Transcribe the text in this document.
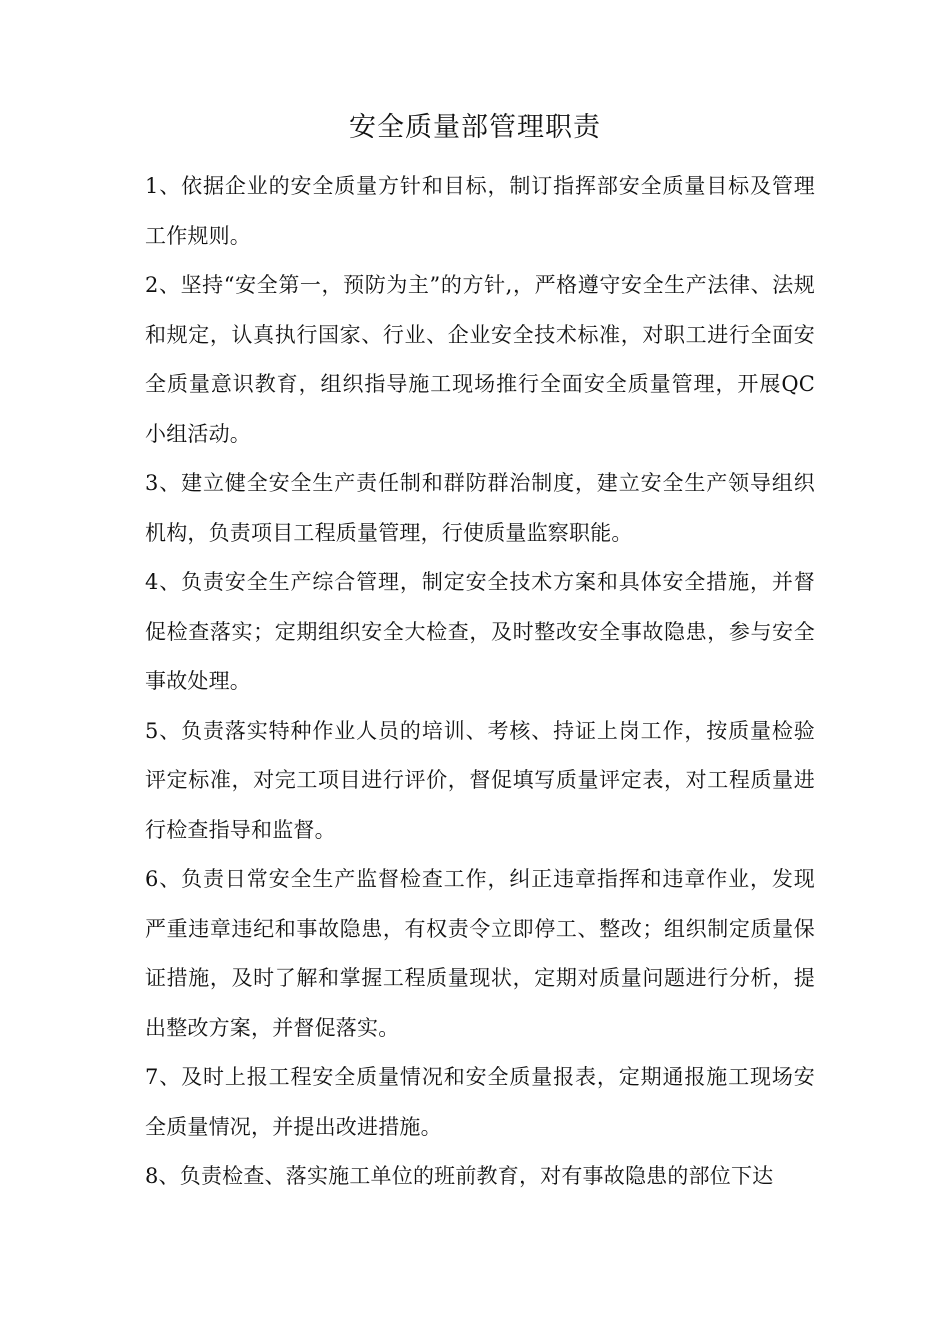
安全质量部管理职责

1、依据企业的安全质量方针和目标，制订指挥部安全质量目标及管理工作规则。

2、坚持“安全第一，预防为主”的方针,，严格遵守安全生产法律、法规和规定，认真执行国家、行业、企业安全技术标准，对职工进行全面安全质量意识教育，组织指导施工现场推行全面安全质量管理，开展QC 小组活动。

3、建立健全安全生产责任制和群防群治制度，建立安全生产领导组织机构，负责项目工程质量管理，行使质量监察职能。

4、负责安全生产综合管理，制定安全技术方案和具体安全措施，并督促检查落实；定期组织安全大检查，及时整改安全事故隐患，参与安全事故处理。

5、负责落实特种作业人员的培训、考核、持证上岗工作，按质量检验评定标准，对完工项目进行评价，督促填写质量评定表，对工程质量进行检查指导和监督。

6、负责日常安全生产监督检查工作，纠正违章指挥和违章作业，发现严重违章违纪和事故隐患，有权责令立即停工、整改；组织制定质量保证措施，及时了解和掌握工程质量现状，定期对质量问题进行分析，提出整改方案，并督促落实。

7、及时上报工程安全质量情况和安全质量报表，定期通报施工现场安全质量情况，并提出改进措施。

8、负责检查、落实施工单位的班前教育，对有事故隐患的部位下达
